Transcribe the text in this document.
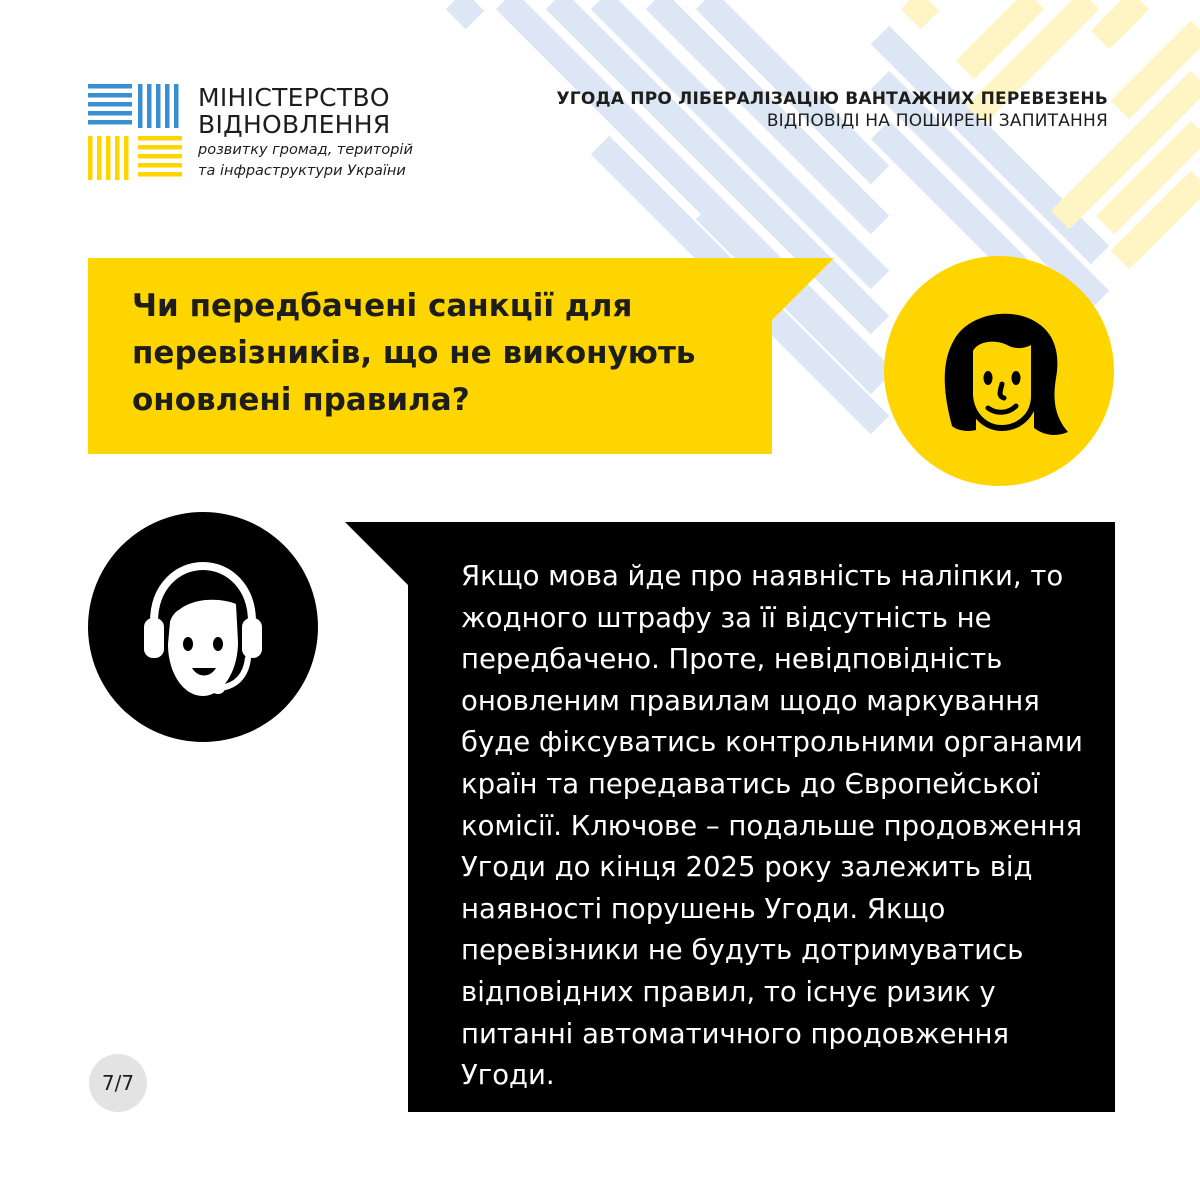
МІНІСТЕРСТВО
ВІДНОВЛЕННЯ
розвитку громад, територій
та інфраструктури України
УГОДА ПРО ЛІБЕРАЛІЗАЦІЮ ВАНТАЖНИХ ПЕРЕВЕЗЕНЬ
ВІДПОВІДІ НА ПОШИРЕНІ ЗАПИТАННЯ
Чи передбачені санкції для перевізників, що не виконують оновлені правила?
Якщо мова йде про наявність наліпки, то жодного штрафу за її відсутність не передбачено. Проте, невідповідність оновленим правилам щодо маркування буде фіксуватись контрольними органами країн та передаватись до Європейської комісії. Ключове – подальше продовження Угоди до кінця 2025 року залежить від наявності порушень Угоди. Якщо перевізники не будуть дотримуватись відповідних правил, то існує ризик у питанні автоматичного продовження Угоди.
7/7
